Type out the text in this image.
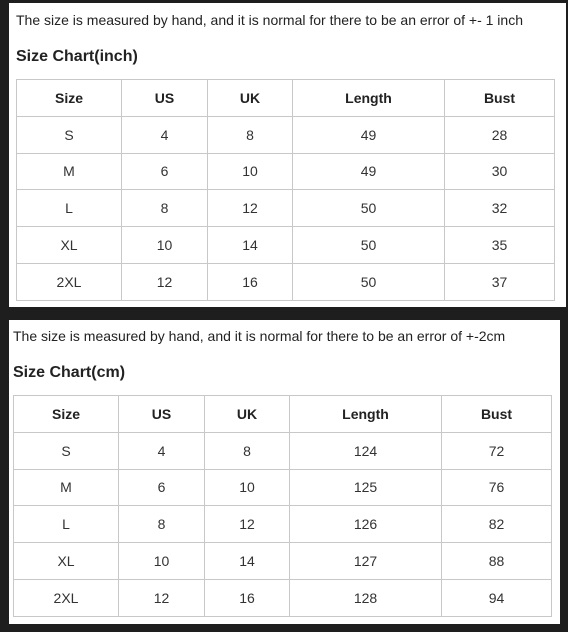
The size is measured by hand, and it is normal for there to be an error of +- 1 inch
Size Chart(inch)
Size	US	UK	Length	Bust
S	4	8	49	28
M	6	10	49	30
L	8	12	50	32
XL	10	14	50	35
2XL	12	16	50	37
The size is measured by hand, and it is normal for there to be an error of +-2cm
Size Chart(cm)
Size	US	UK	Length	Bust
S	4	8	124	72
M	6	10	125	76
L	8	12	126	82
XL	10	14	127	88
2XL	12	16	128	94
